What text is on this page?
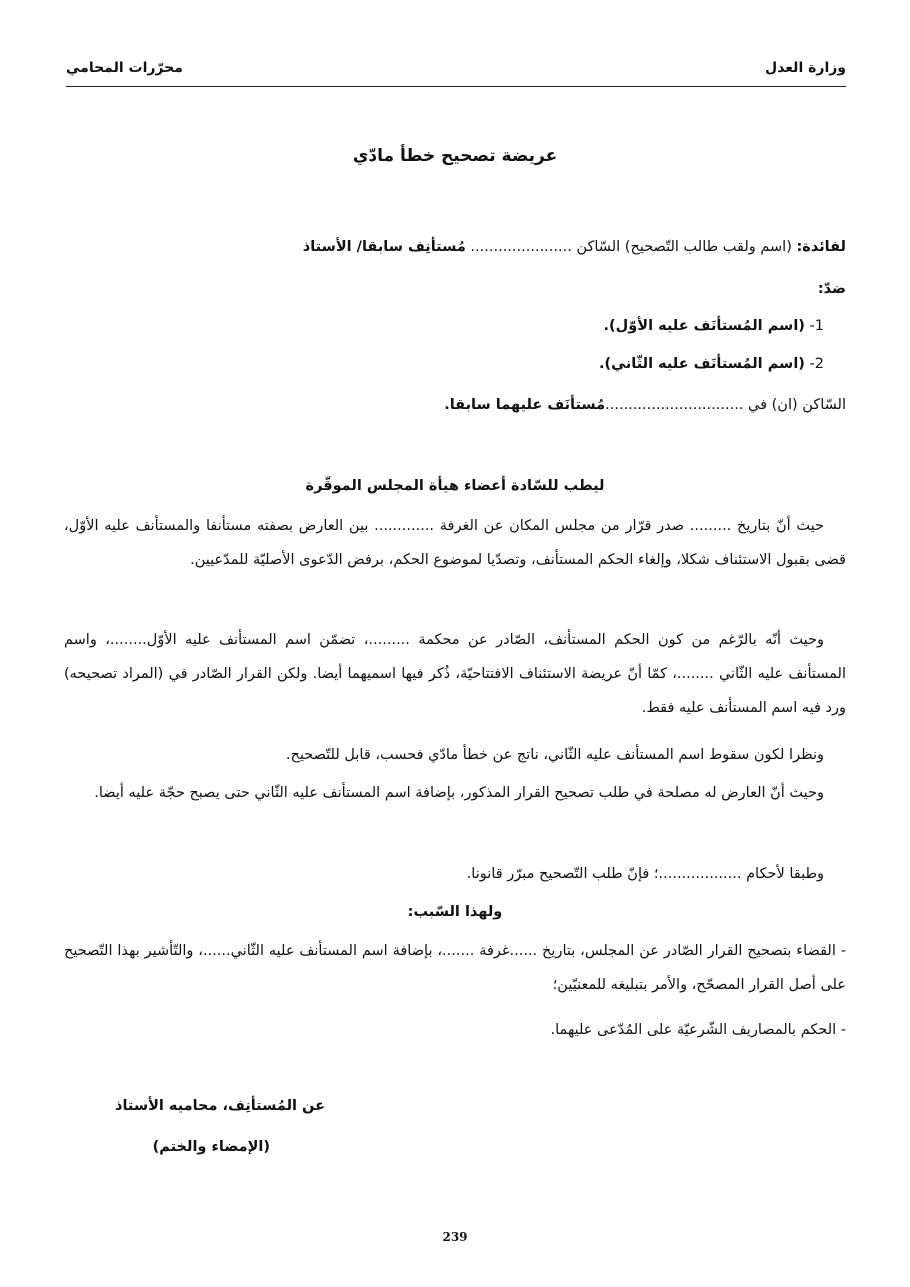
وزارة العدل
محرّرات المحامي
عريضة تصحيح خطأ مادّي
لفائدة: (اسم ولقب طالب التّصحيح) السّاكن ...................... مُستأنِف سابقا/ الأستاذ
ضدّ:
1- (اسم المُستأنَف عليه الأوّل).
2- (اسم المُستأنَف عليه الثّاني).
السّاكن (ان) في ..............................مُستأنَف عليهما سابقا.
ليطب للسّادة أعضاء هيأة المجلس الموقّرة
حيث أنّ بتاريخ ......... صدر قرّار من مجلس المكان عن الغرفة ............. بين العارض بصفته مستأنفا والمستأنف عليه الأوّل، قضى بقبول الاستئناف شكلا، وإلغاء الحكم المستأنف، وتصدّيا لموضوع الحكم، برفض الدّعوى الأصليّة للمدّعيين.
وحيث أنّه بالرّغم من كون الحكم المستأنف، الصّادر عن محكمة .........، تضمّن اسم المستأنف عليه الأوّل........، واسم المستأنف عليه الثّاني ........، كمّا أنّ عريضة الاستئناف الافتتاحيّة، ذُكر فيها اسميهما أيضا. ولكن القرار الصّادر في (المراد تصحيحه) ورد فيه اسم المستأنف عليه فقط.
ونظرا لكون سقوط اسم المستأنف عليه الثّاني، ناتج عن خطأ مادّي فحسب، قابل للتّصحيح.
وحيث أنّ العارض له مصلحة في طلب تصحيح القرار المذكور، بإضافة اسم المستأنف عليه الثّاني حتى يصبح حجّة عليه أيضا.
وطبقا لأحكام ..................؛ فإنّ طلب التّصحيح مبرّر قانونا.
ولهذا السّبب:
- القضاء بتصحيح القرار الصّادر عن المجلس، بتاريخ ......غرفة .......، بإضافة اسم المستأنف عليه الثّاني......، والتّأشير بهذا التّصحيح على أصل القرار المصحّح، والأمر بتبليغه للمعنيّين؛
- الحكم بالمصاريف الشّرعيّة على المُدّعى عليهما.
عن المُستأنِف، محاميه الأستاذ
(الإمضاء والختم)
239
